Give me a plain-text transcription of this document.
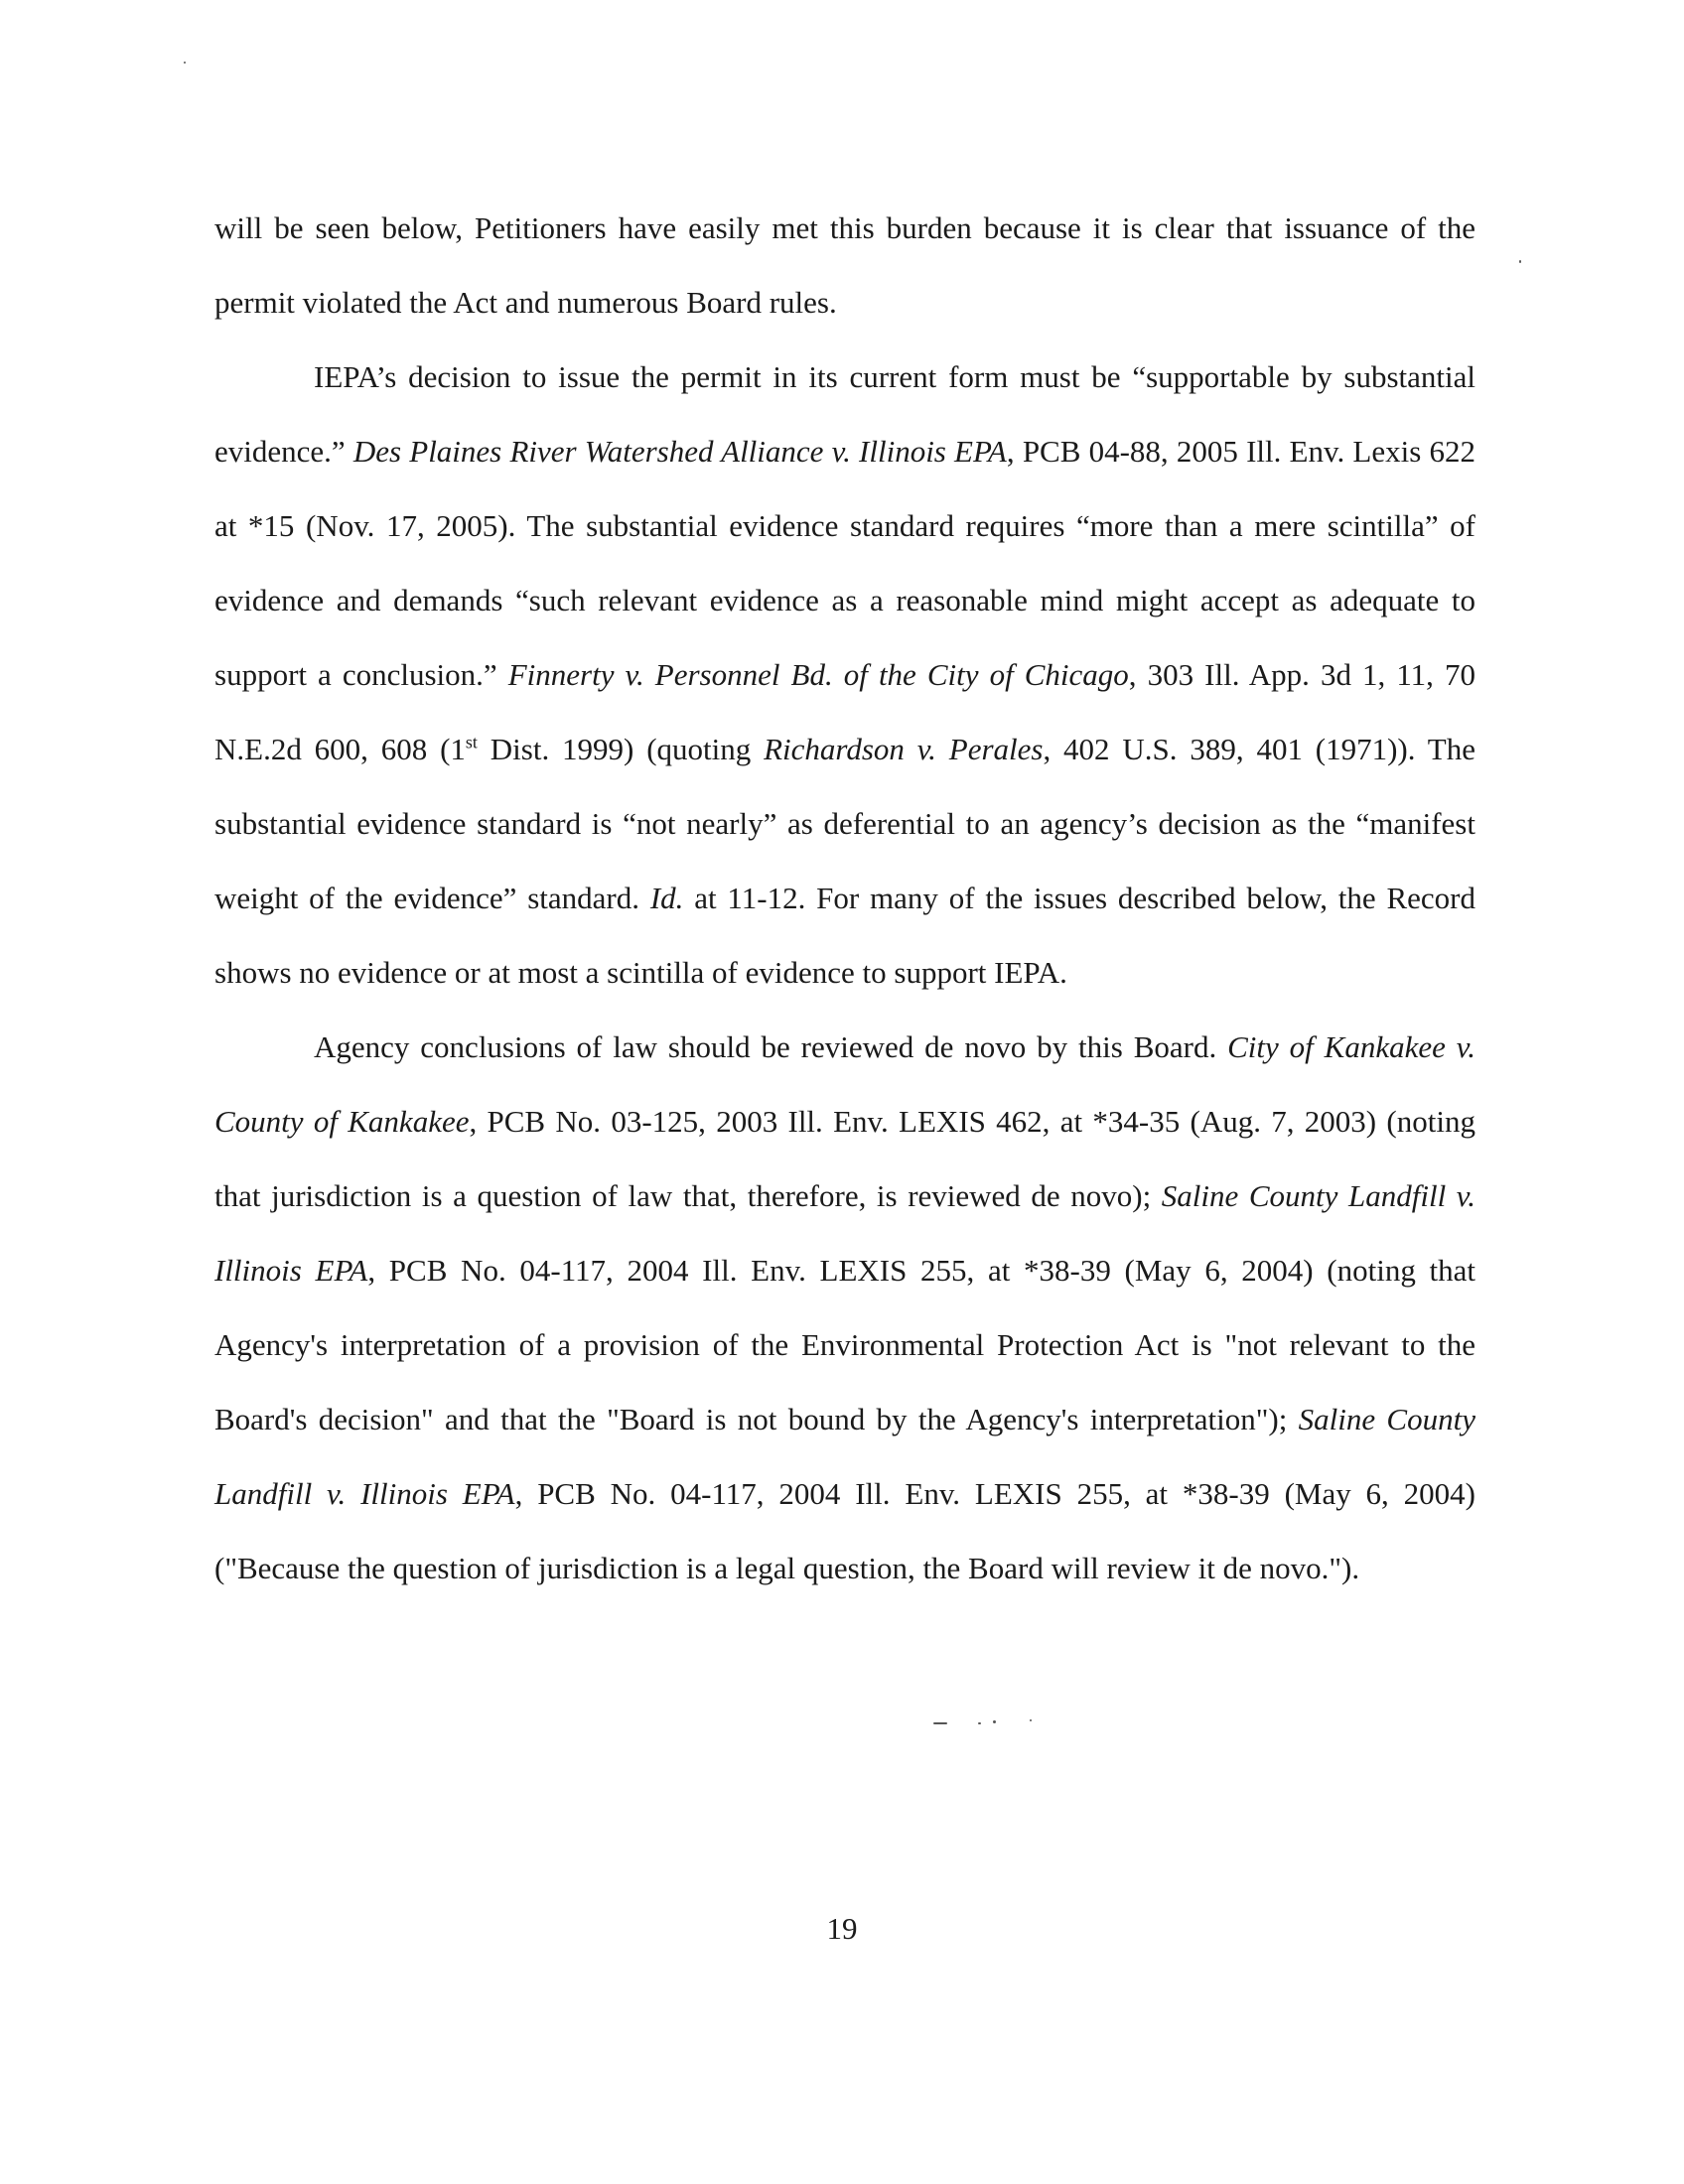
will be seen below, Petitioners have easily met this burden because it is clear that issuance of the permit violated the Act and numerous Board rules.

IEPA’s decision to issue the permit in its current form must be “supportable by substantial evidence.” Des Plaines River Watershed Alliance v. Illinois EPA, PCB 04-88, 2005 Ill. Env. Lexis 622 at *15 (Nov. 17, 2005). The substantial evidence standard requires “more than a mere scintilla” of evidence and demands “such relevant evidence as a reasonable mind might accept as adequate to support a conclusion.” Finnerty v. Personnel Bd. of the City of Chicago, 303 Ill. App. 3d 1, 11, 70 N.E.2d 600, 608 (1st Dist. 1999) (quoting Richardson v. Perales, 402 U.S. 389, 401 (1971)). The substantial evidence standard is “not nearly” as deferential to an agency’s decision as the “manifest weight of the evidence” standard. Id. at 11-12. For many of the issues described below, the Record shows no evidence or at most a scintilla of evidence to support IEPA.

Agency conclusions of law should be reviewed de novo by this Board. City of Kankakee v. County of Kankakee, PCB No. 03-125, 2003 Ill. Env. LEXIS 462, at *34-35 (Aug. 7, 2003) (noting that jurisdiction is a question of law that, therefore, is reviewed de novo); Saline County Landfill v. Illinois EPA, PCB No. 04-117, 2004 Ill. Env. LEXIS 255, at *38-39 (May 6, 2004) (noting that Agency's interpretation of a provision of the Environmental Protection Act is "not relevant to the Board's decision" and that the "Board is not bound by the Agency's interpretation"); Saline County Landfill v. Illinois EPA, PCB No. 04-117, 2004 Ill. Env. LEXIS 255, at *38-39 (May 6, 2004) ("Because the question of jurisdiction is a legal question, the Board will review it de novo.").

19
